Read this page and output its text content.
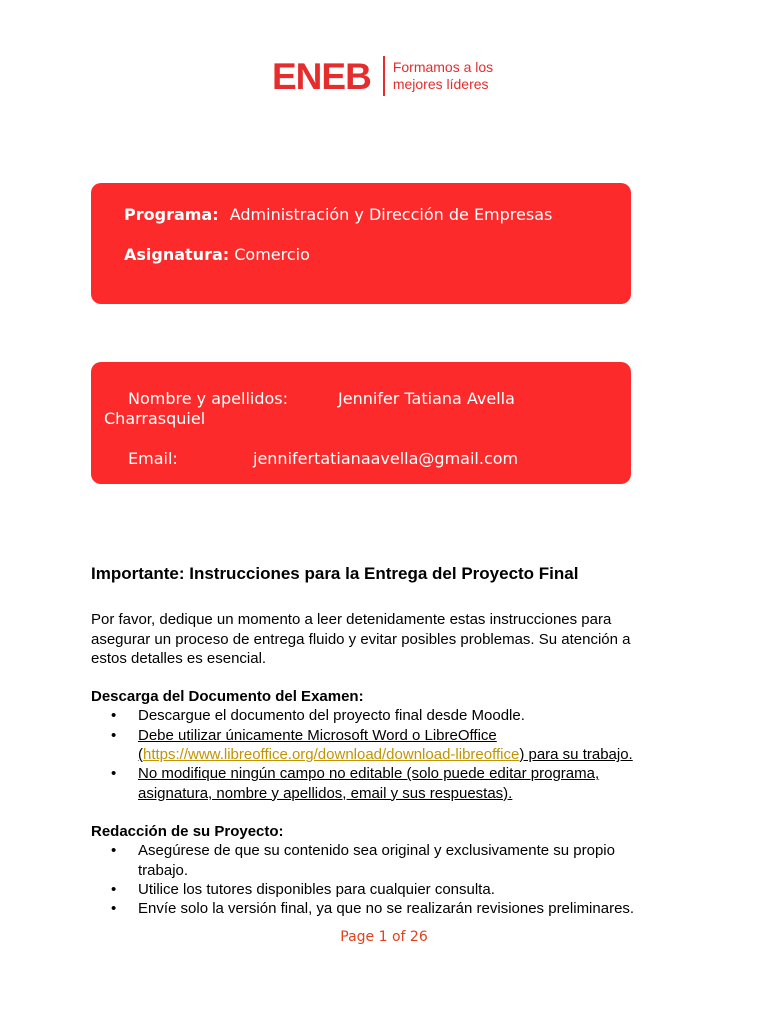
ENEB Formamos a los
mejores líderes
Programa: Administración y Dirección de Empresas
Asignatura: Comercio
Nombre y apellidos:	Jennifer Tatiana Avella
Charrasquiel
Email:	jennifertatianaavella@gmail.com

Importante: Instrucciones para la Entrega del Proyecto Final

Por favor, dedique un momento a leer detenidamente estas instrucciones para asegurar un proceso de entrega fluido y evitar posibles problemas. Su atención a estos detalles es esencial.

Descarga del Documento del Examen:

• Descargue el documento del proyecto final desde Moodle.
• Debe utilizar únicamente Microsoft Word o LibreOffice
(https://www.libreoffice.org/download/download-libreoffice) para su trabajo.
• No modifique ningún campo no editable (solo puede editar programa, asignatura, nombre y apellidos, email y sus respuestas).

Redacción de su Proyecto:

• Asegúrese de que su contenido sea original y exclusivamente su propio trabajo.
• Utilice los tutores disponibles para cualquier consulta.
• Envíe solo la versión final, ya que no se realizarán revisiones preliminares.
Page 1 of 26
